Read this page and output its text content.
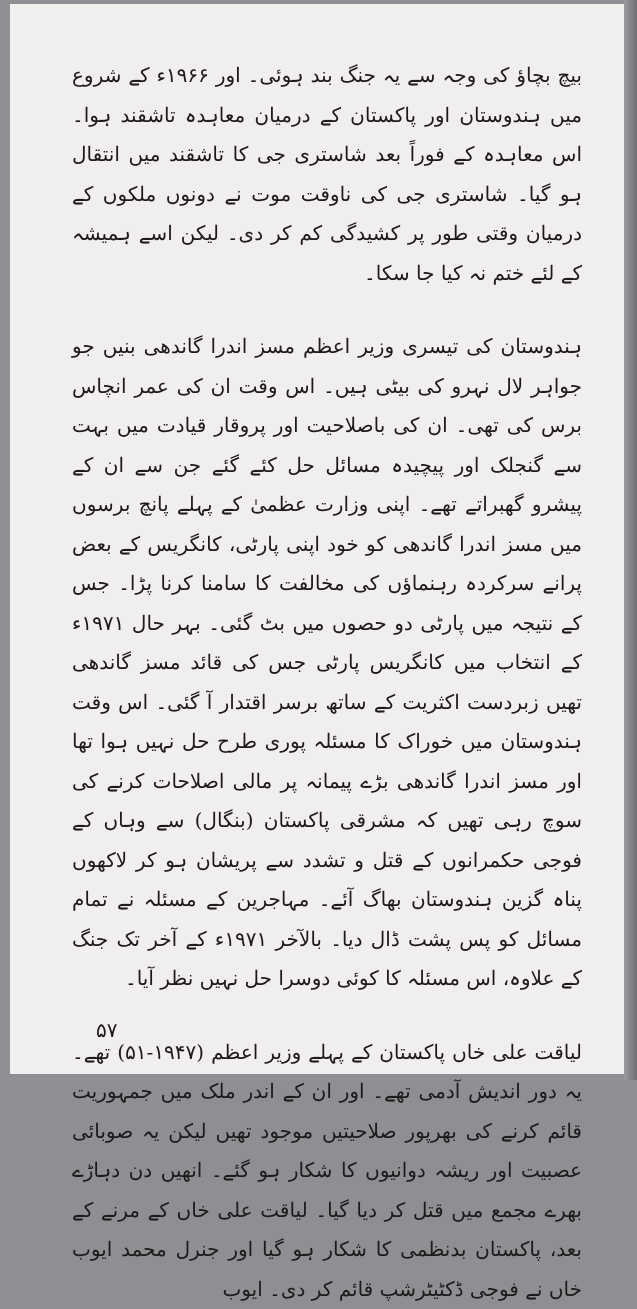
بیچ بچاؤ کی وجہ سے یہ جنگ بند ہوئی۔ اور ۱۹۶۶ء کے شروع میں ہندوستان اور پاکستان کے درمیان معاہدہ تاشقند ہوا۔ اس معاہدہ کے فوراً بعد شاستری جی کا تاشقند میں انتقال ہو گیا۔ شاستری جی کی ناوقت موت نے دونوں ملکوں کے درمیان وقتی طور پر کشیدگی کم کر دی۔ لیکن اسے ہمیشہ کے لئے ختم نہ کیا جا سکا۔

ہندوستان کی تیسری وزیر اعظم مسز اندرا گاندھی بنیں جو جواہر لال نہرو کی بیٹی ہیں۔ اس وقت ان کی عمر انچاس برس کی تھی۔ ان کی باصلاحیت اور پروقار قیادت میں بہت سے گنجلک اور پیچیدہ مسائل حل کئے گئے جن سے ان کے پیشرو گھبراتے تھے۔ اپنی وزارت عظمیٰ کے پہلے پانچ برسوں میں مسز اندرا گاندھی کو خود اپنی پارٹی، کانگریس کے بعض پرانے سرکردہ رہنماؤں کی مخالفت کا سامنا کرنا پڑا۔ جس کے نتیجہ میں پارٹی دو حصوں میں بٹ گئی۔ بہر حال ۱۹۷۱ء کے انتخاب میں کانگریس پارٹی جس کی قائد مسز گاندھی تھیں زبردست اکثریت کے ساتھ برسر اقتدار آ گئی۔ اس وقت ہندوستان میں خوراک کا مسئلہ پوری طرح حل نہیں ہوا تھا اور مسز اندرا گاندھی بڑے پیمانہ پر مالی اصلاحات کرنے کی سوچ رہی تھیں کہ مشرقی پاکستان (بنگال) سے وہاں کے فوجی حکمرانوں کے قتل و تشدد سے پریشان ہو کر لاکھوں پناہ گزین ہندوستان بھاگ آئے۔ مہاجرین کے مسئلہ نے تمام مسائل کو پس پشت ڈال دیا۔ بالآخر ۱۹۷۱ء کے آخر تک جنگ کے علاوہ، اس مسئلہ کا کوئی دوسرا حل نہیں نظر آیا۔

لیاقت علی خاں پاکستان کے پہلے وزیر اعظم (۱۹۴۷-۵۱) تھے۔ یہ دور اندیش آدمی تھے۔ اور ان کے اندر ملک میں جمہوریت قائم کرنے کی بھرپور صلاحیتیں موجود تھیں لیکن یہ صوبائی عصبیت اور ریشہ دوانیوں کا شکار ہو گئے۔ انھیں دن دہاڑے بھرے مجمع میں قتل کر دیا گیا۔ لیاقت علی خاں کے مرنے کے بعد، پاکستان بدنظمی کا شکار ہو گیا اور جنرل محمد ایوب خاں نے فوجی ڈکٹیٹرشپ قائم کر دی۔ ایوب

۵۷
